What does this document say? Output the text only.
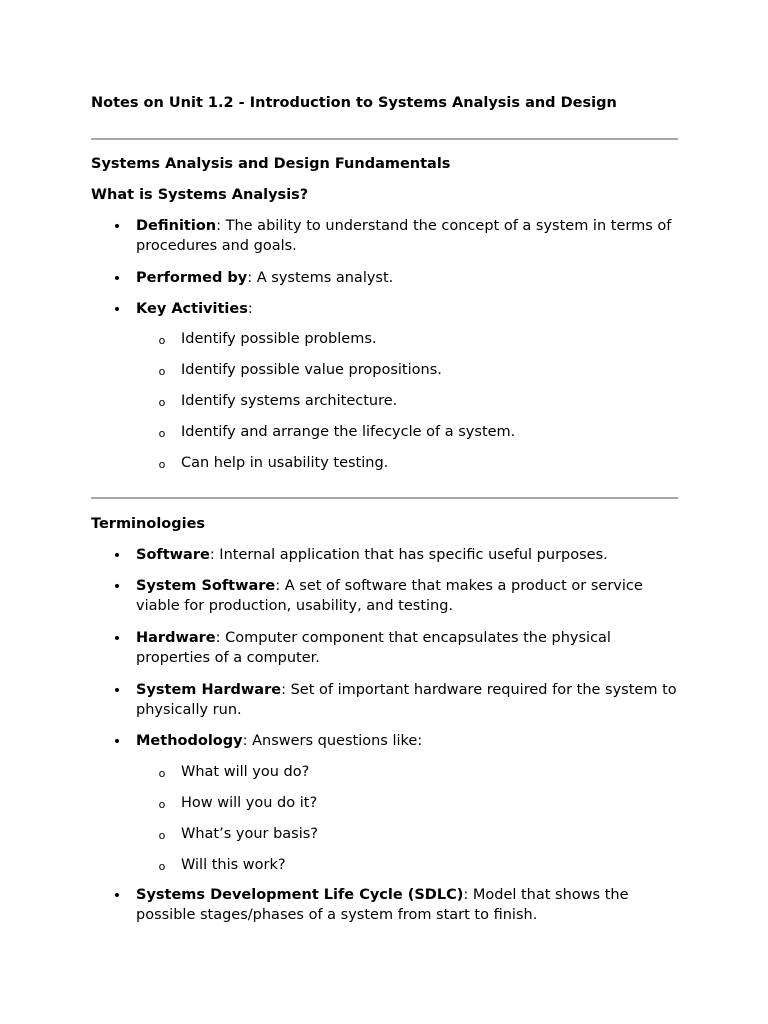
Notes on Unit 1.2 - Introduction to Systems Analysis and Design
Systems Analysis and Design Fundamentals
What is Systems Analysis?
• Definition: The ability to understand the concept of a system in terms of procedures and goals.
• Performed by: A systems analyst.
• Key Activities:
o Identify possible problems.
o Identify possible value propositions.
o Identify systems architecture.
o Identify and arrange the lifecycle of a system.
o Can help in usability testing.
Terminologies
• Software: Internal application that has specific useful purposes.
• System Software: A set of software that makes a product or service viable for production, usability, and testing.
• Hardware: Computer component that encapsulates the physical properties of a computer.
• System Hardware: Set of important hardware required for the system to physically run.
• Methodology: Answers questions like:
o What will you do?
o How will you do it?
o What’s your basis?
o Will this work?
• Systems Development Life Cycle (SDLC): Model that shows the possible stages/phases of a system from start to finish.
